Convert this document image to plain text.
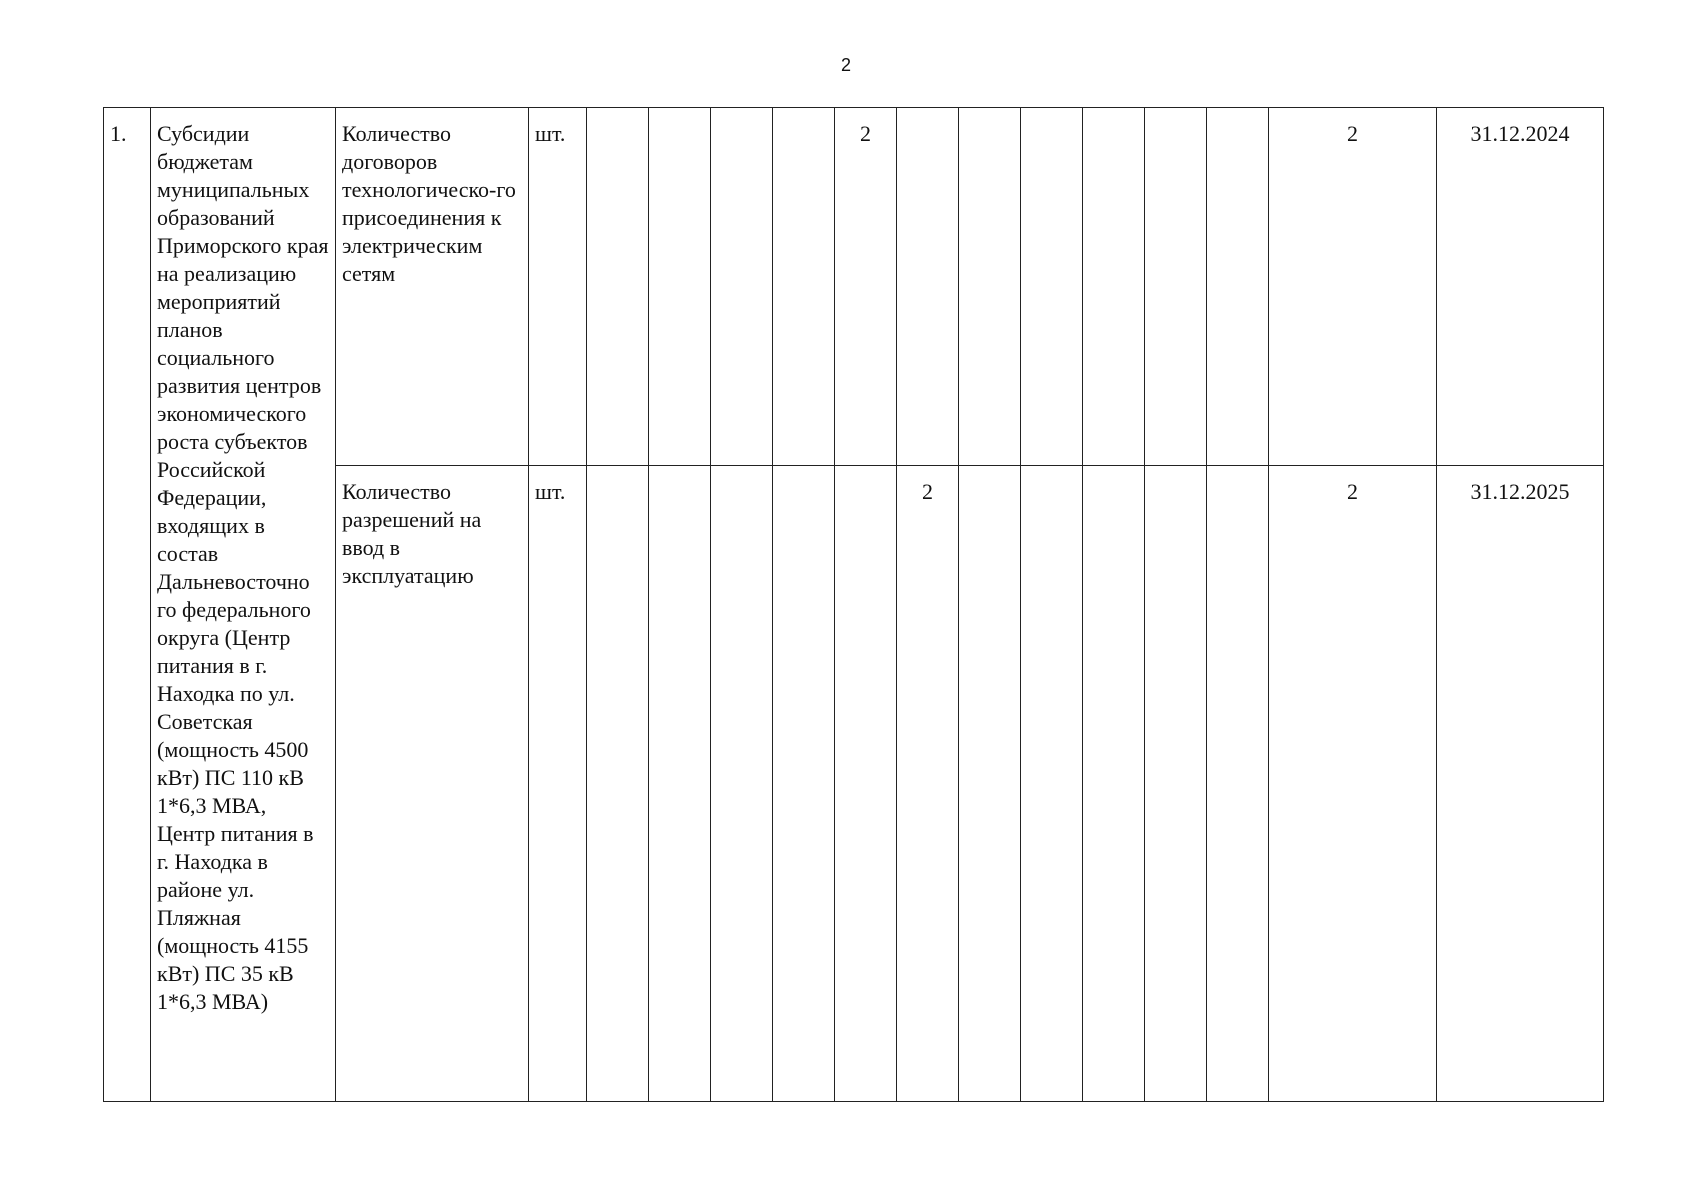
2
1.	Субсидии бюджетам муниципальных образований Приморского края на реализацию мероприятий планов социального развития центров экономического роста субъектов Российской Федерации, входящих в состав Дальневосточно го федерального округа (Центр питания в г. Находка по ул. Советская (мощность 4500 кВт) ПС 110 кВ 1*6,3 МВА, Центр питания в г. Находка в районе ул. Пляжная (мощность 4155 кВт) ПС 35 кВ 1*6,3 МВА)	Количество договоров технологическо-го присоединения к электрическим сетям	шт.					2							2	31.12.2024
		Количество разрешений на ввод в эксплуатацию	шт.						2						2	31.12.2025
